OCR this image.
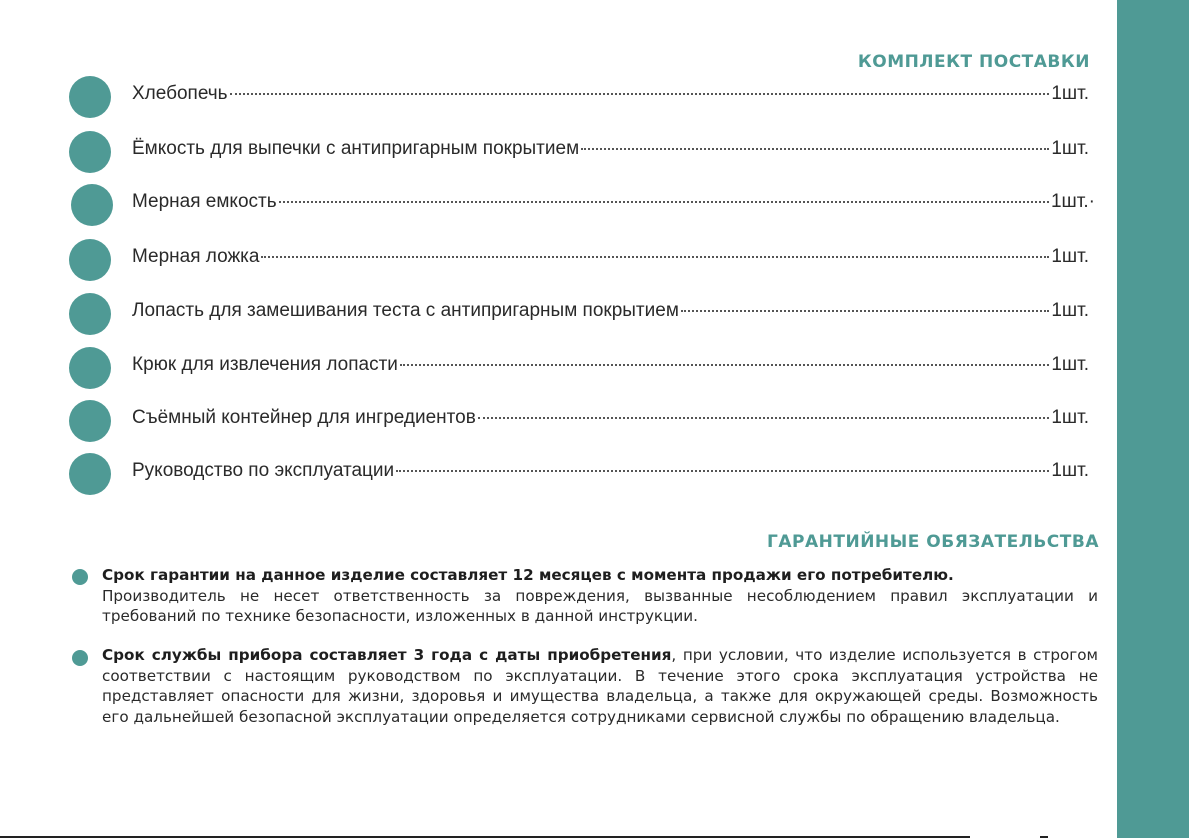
КОМПЛЕКТ ПОСТАВКИ
Хлебопечь	1шт.
Ёмкость для выпечки с антипригарным покрытием	1шт.
Мерная емкость	1шт.·
Мерная ложка	1шт.
Лопасть для замешивания теста с антипригарным покрытием	1шт.
Крюк для извлечения лопасти	1шт.
Съёмный контейнер для ингредиентов	1шт.
Руководство по эксплуатации	1шт.
ГАРАНТИЙНЫЕ ОБЯЗАТЕЛЬСТВА

Срок гарантии на данное изделие составляет 12 месяцев с момента продажи его потребителю.
Производитель не несет ответственность за повреждения, вызванные несоблюдением правил эксплуатации и требований по технике безопасности, изложенных в данной инструкции.

Срок службы прибора составляет 3 года с даты приобретения, при условии, что изделие используется в строгом соответствии с настоящим руководством по эксплуатации. В течение этого срока эксплуатация устройства не представляет опасности для жизни, здоровья и имущества владельца, а также для окружающей среды. Возможность его дальнейшей безопасной эксплуатации определяется сотрудниками сервисной службы по обращению владельца.
